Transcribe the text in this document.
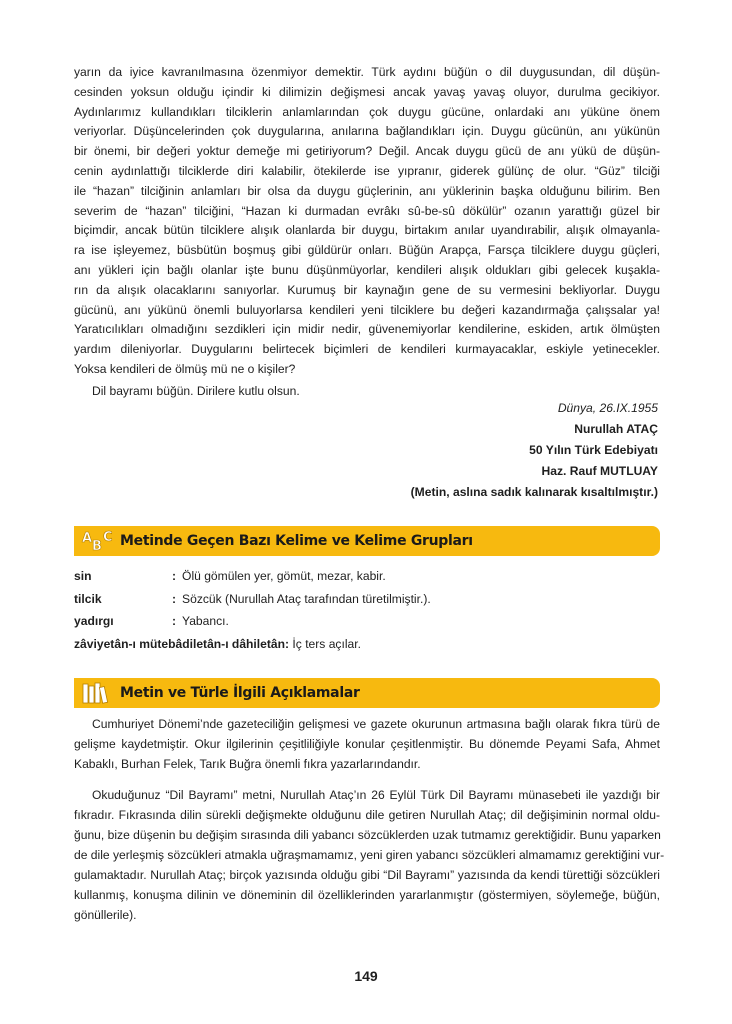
yarın da iyice kavranılmasına özenmiyor demektir. Türk aydını büğün o dil duygusundan, dil düşün-
cesinden yoksun olduğu içindir ki dilimizin değişmesi ancak yavaş yavaş oluyor, durulma gecikiyor.
Aydınlarımız kullandıkları tilciklerin anlamlarından çok duygu gücüne, onlardaki anı yüküne önem
veriyorlar. Düşüncelerinden çok duygularına, anılarına bağlandıkları için. Duygu gücünün, anı yükünün
bir önemi, bir değeri yoktur demeğe mi getiriyorum? Değil. Ancak duygu gücü de anı yükü de düşün-
cenin aydınlattığı tilciklerde diri kalabilir, ötekilerde ise yıpranır, giderek gülünç de olur. “Güz” tilciği
ile “hazan” tilciğinin anlamları bir olsa da duygu güçlerinin, anı yüklerinin başka olduğunu bilirim. Ben
severim de “hazan” tilciğini, “Hazan ki durmadan evrâkı sû-be-sû dökülür” ozanın yarattığı güzel bir
biçimdir, ancak bütün tilciklere alışık olanlarda bir duygu, birtakım anılar uyandırabilir, alışık olmayanla-
ra ise işleyemez, büsbütün boşmuş gibi güldürür onları. Büğün Arapça, Farsça tilciklere duygu güçleri,
anı yükleri için bağlı olanlar işte bunu düşünmüyorlar, kendileri alışık oldukları gibi gelecek kuşakla-
rın da alışık olacaklarını sanıyorlar. Kurumuş bir kaynağın gene de su vermesini bekliyorlar. Duygu
gücünü, anı yükünü önemli buluyorlarsa kendileri yeni tilciklere bu değeri kazandırmağa çalışsalar ya!
Yaratıcılıkları olmadığını sezdikleri için midir nedir, güvenemiyorlar kendilerine, eskiden, artık ölmüşten
yardım dileniyorlar. Duygularını belirtecek biçimleri de kendileri kurmayacaklar, eskiyle yetinecekler.
Yoksa kendileri de ölmüş mü ne o kişiler?

Dil bayramı büğün. Dirilere kutlu olsun.

Dünya, 26.IX.1955
Nurullah ATAÇ
50 Yılın Türk Edebiyatı
Haz. Rauf MUTLUAY
(Metin, aslına sadık kalınarak kısaltılmıştır.)
A
B
C Metinde Geçen Bazı Kelime ve Kelime Grupları
sin	: Ölü gömülen yer, gömüt, mezar, kabir.
tilcik	: Sözcük (Nurullah Ataç tarafından türetilmiştir.).
yadırgı	: Yabancı.
zâviyetân-ı mütebâdiletân-ı dâhiletân: İç ters açılar.
Metin ve Türle İlgili Açıklamalar
Cumhuriyet Dönemi’nde gazeteciliğin gelişmesi ve gazete okurunun artmasına bağlı olarak fıkra türü de
gelişme kaydetmiştir. Okur ilgilerinin çeşitliliğiyle konular çeşitlenmiştir. Bu dönemde Peyami Safa, Ahmet
Kabaklı, Burhan Felek, Tarık Buğra önemli fıkra yazarlarındandır.
Okuduğunuz “Dil Bayramı” metni, Nurullah Ataç’ın 26 Eylül Türk Dil Bayramı münasebeti ile yazdığı bir
fıkradır. Fıkrasında dilin sürekli değişmekte olduğunu dile getiren Nurullah Ataç; dil değişiminin normal oldu-
ğunu, bize düşenin bu değişim sırasında dili yabancı sözcüklerden uzak tutmamız gerektiğidir. Bunu yaparken
de dile yerleşmiş sözcükleri atmakla uğraşmamamız, yeni giren yabancı sözcükleri almamamız gerektiğini vur-
gulamaktadır. Nurullah Ataç; birçok yazısında olduğu gibi “Dil Bayramı” yazısında da kendi türettiği sözcükleri
kullanmış, konuşma dilinin ve döneminin dil özelliklerinden yararlanmıştır (göstermiyen, söylemeğe, büğün,
gönüllerile).
149
